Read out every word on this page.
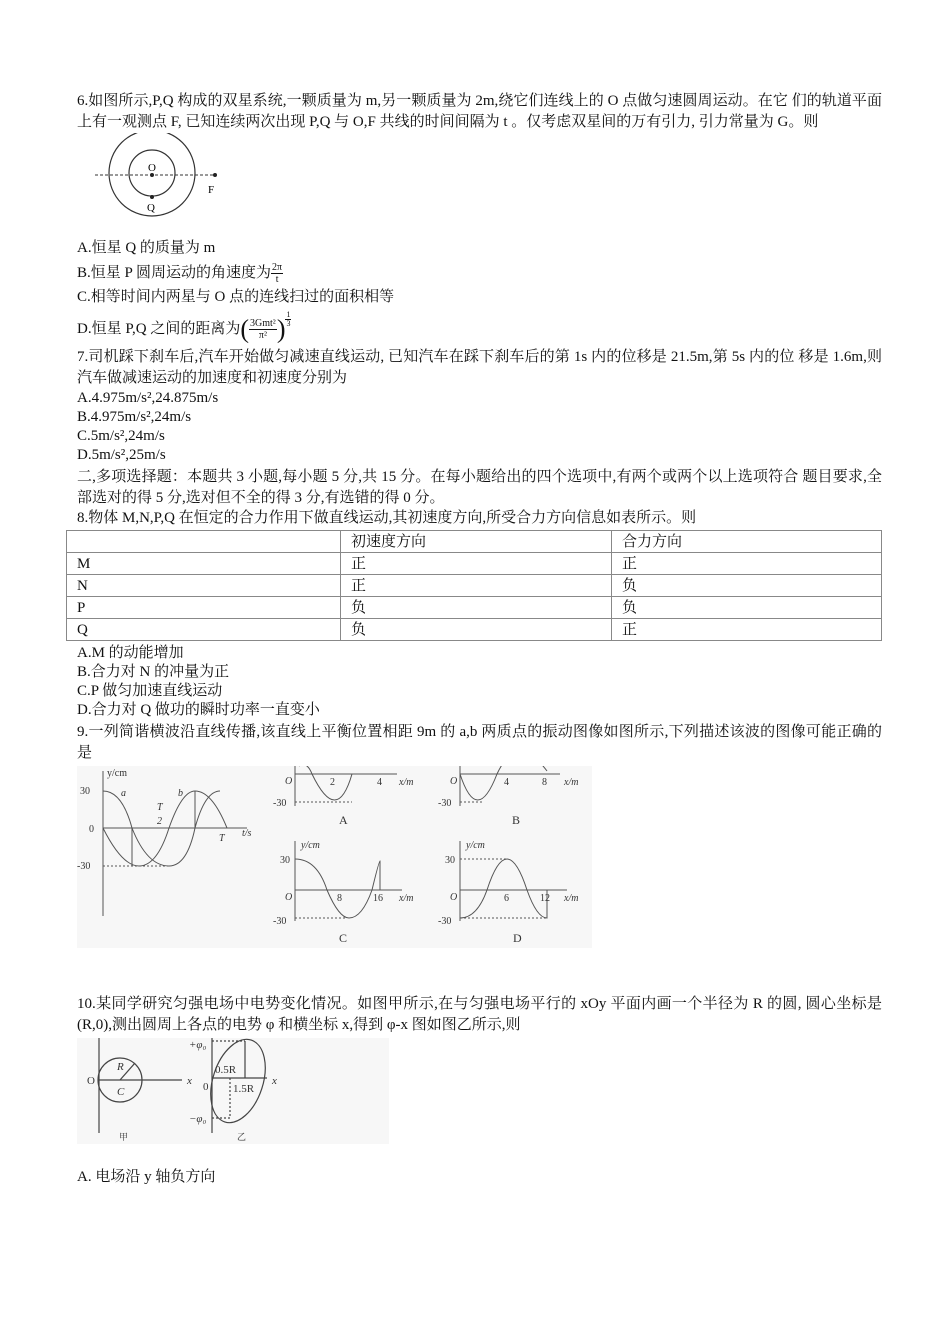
6.如图所示,P,Q 构成的双星系统,一颗质量为 m,另一颗质量为 2m,绕它们连线上的 O 点做匀速圆周运动。在它 们的轨道平面上有一观测点 F, 已知连续两次出现 P,Q 与 O,F 共线的时间间隔为 t 。仅考虑双星间的万有引力, 引力常量为 G。则
O
Q
F
A.恒星 Q 的质量为 m
B.恒星 P 圆周运动的角速度为 $\frac{2\pi}{t}$
C.相等时间内两星与 O 点的连线扫过的面积相等
D.恒星 P,Q 之间的距离为( $\frac{\text{3Gmt²}}{\text{π²}}$ ) $\frac{1}{3}$
7.司机踩下刹车后,汽车开始做匀减速直线运动, 已知汽车在踩下刹车后的第 1s 内的位移是 21.5m,第 5s 内的位 移是 1.6m,则汽车做减速运动的加速度和初速度分别为
A.4.975m/s²,24.875m/s
B.4.975m/s²,24m/s
C.5m/s²,24m/s
D.5m/s²,25m/s
二,多项选择题：本题共 3 小题,每小题 5 分,共 15 分。在每小题给出的四个选项中,有两个或两个以上选项符合 题目要求,全部选对的得 5 分,选对但不全的得 3 分,有选错的得 0 分。
8.物体 M,N,P,Q 在恒定的合力作用下做直线运动,其初速度方向,所受合力方向信息如表所示。则
	初速度方向	合力方向
M	正	正
N	正	负
P	负	负
Q	负	正
A.M 的动能增加
B.合力对 N 的冲量为正
C.P 做匀加速直线运动
D.合力对 Q 做功的瞬时功率一直变小
9.一列简谐横波沿直线传播,该直线上平衡位置相距 9m 的 a,b 两质点的振动图像如图所示,下列描述该波的图像可能正确的是
y/cm
30
0
-30
a	b
T
2
T t/s
O	2	4 x/m
-30
A
O	4	8 x/m
-30
B
y/cm
30
O	8	16 x/m
-30
C
y/cm
30
O	6	12 x/m
-30
D
10.某同学研究匀强电场中电势变化情况。如图甲所示,在与匀强电场平行的 xOy 平面内画一个半径为 R 的圆, 圆心坐标是(R,0),测出圆周上各点的电势 φ 和横坐标 x,得到 φ-x 图如图乙所示,则
O
C
R
x
甲
+φ₀
−φ₀
0
0.5R
1.5R
x
乙
A. 电场沿 y 轴负方向
